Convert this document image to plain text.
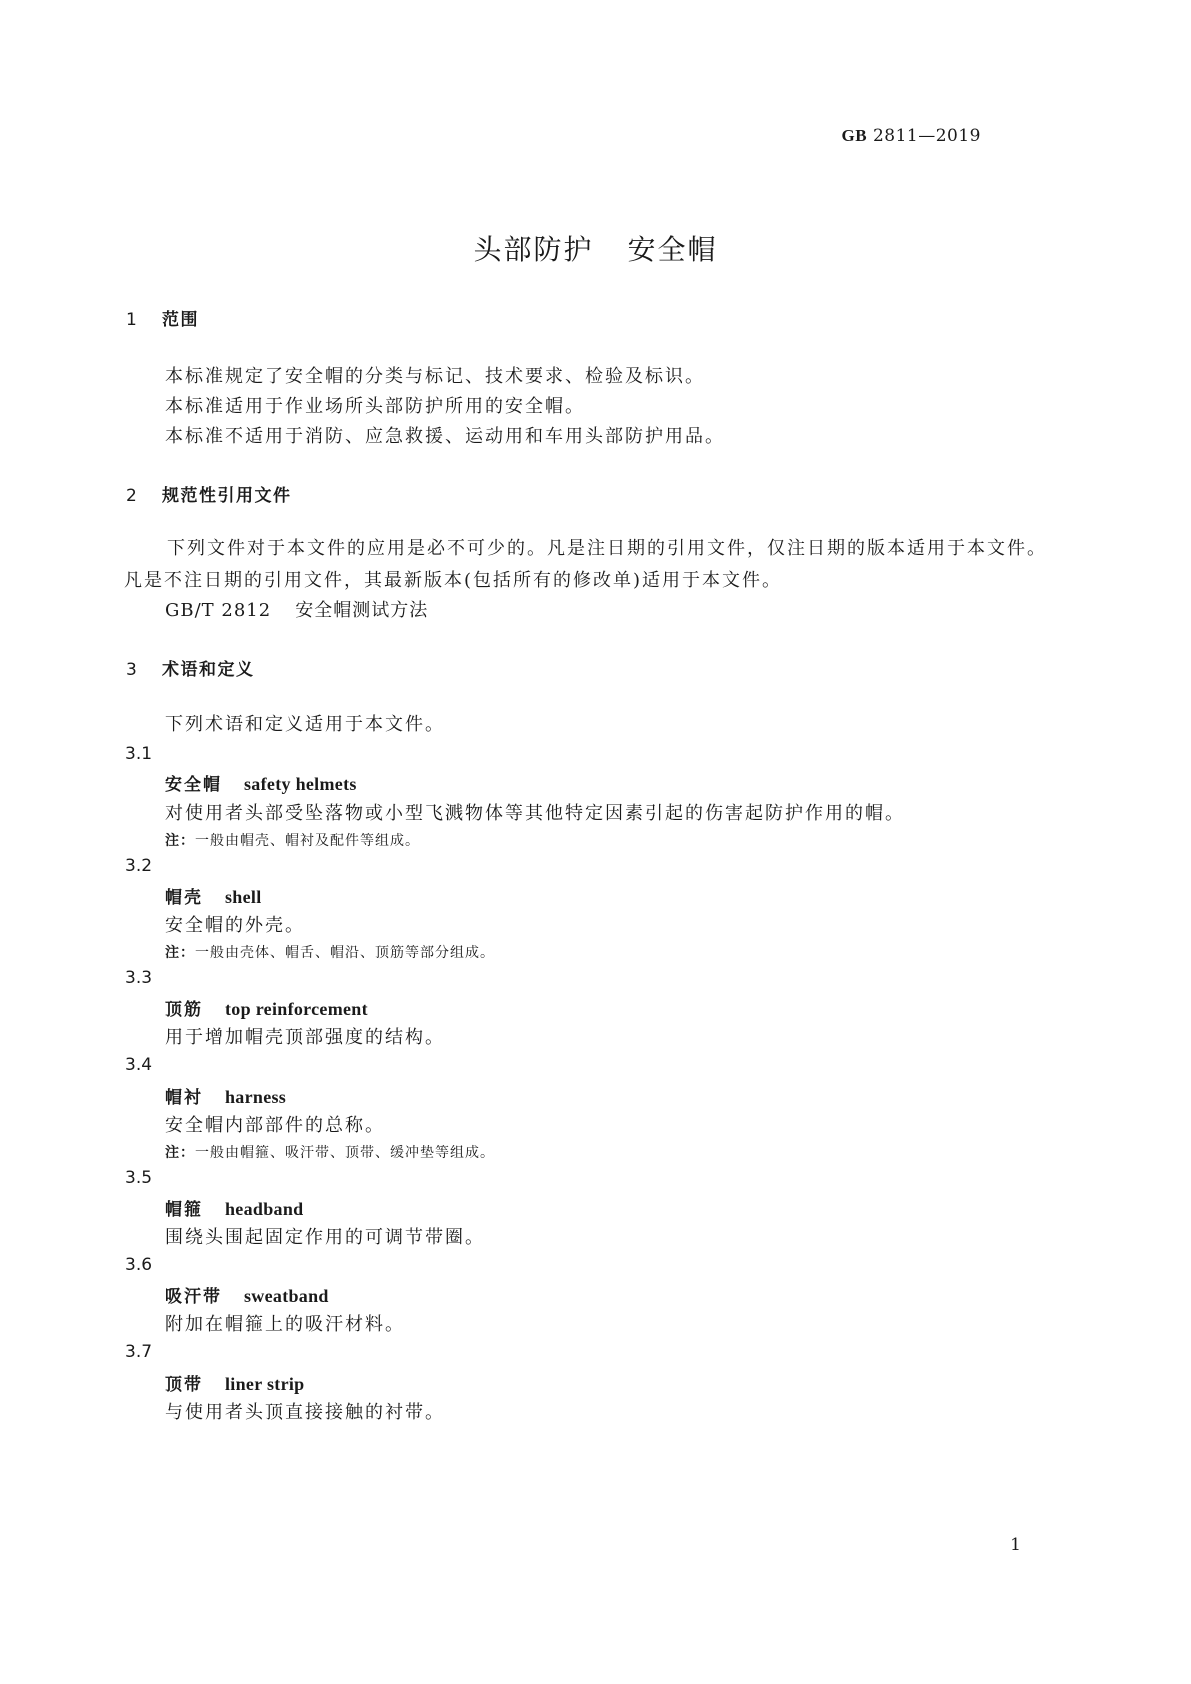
GB 2811—2019
头部防护 安全帽
1 范围
本标准规定了安全帽的分类与标记、技术要求、检验及标识。
本标准适用于作业场所头部防护所用的安全帽。
本标准不适用于消防、应急救援、运动用和车用头部防护用品。
2 规范性引用文件
下列文件对于本文件的应用是必不可少的。凡是注日期的引用文件，仅注日期的版本适用于本文件。凡是不注日期的引用文件，其最新版本(包括所有的修改单)适用于本文件。
GB/T 2812 安全帽测试方法
3 术语和定义
下列术语和定义适用于本文件。
3.1
安全帽 safety helmets
对使用者头部受坠落物或小型飞溅物体等其他特定因素引起的伤害起防护作用的帽。
注：一般由帽壳、帽衬及配件等组成。
3.2
帽壳 shell
安全帽的外壳。
注：一般由壳体、帽舌、帽沿、顶筋等部分组成。
3.3
顶筋 top reinforcement
用于增加帽壳顶部强度的结构。
3.4
帽衬 harness
安全帽内部部件的总称。
注：一般由帽箍、吸汗带、顶带、缓冲垫等组成。
3.5
帽箍 headband
围绕头围起固定作用的可调节带圈。
3.6
吸汗带 sweatband
附加在帽箍上的吸汗材料。
3.7
顶带 liner strip
与使用者头顶直接接触的衬带。
1
